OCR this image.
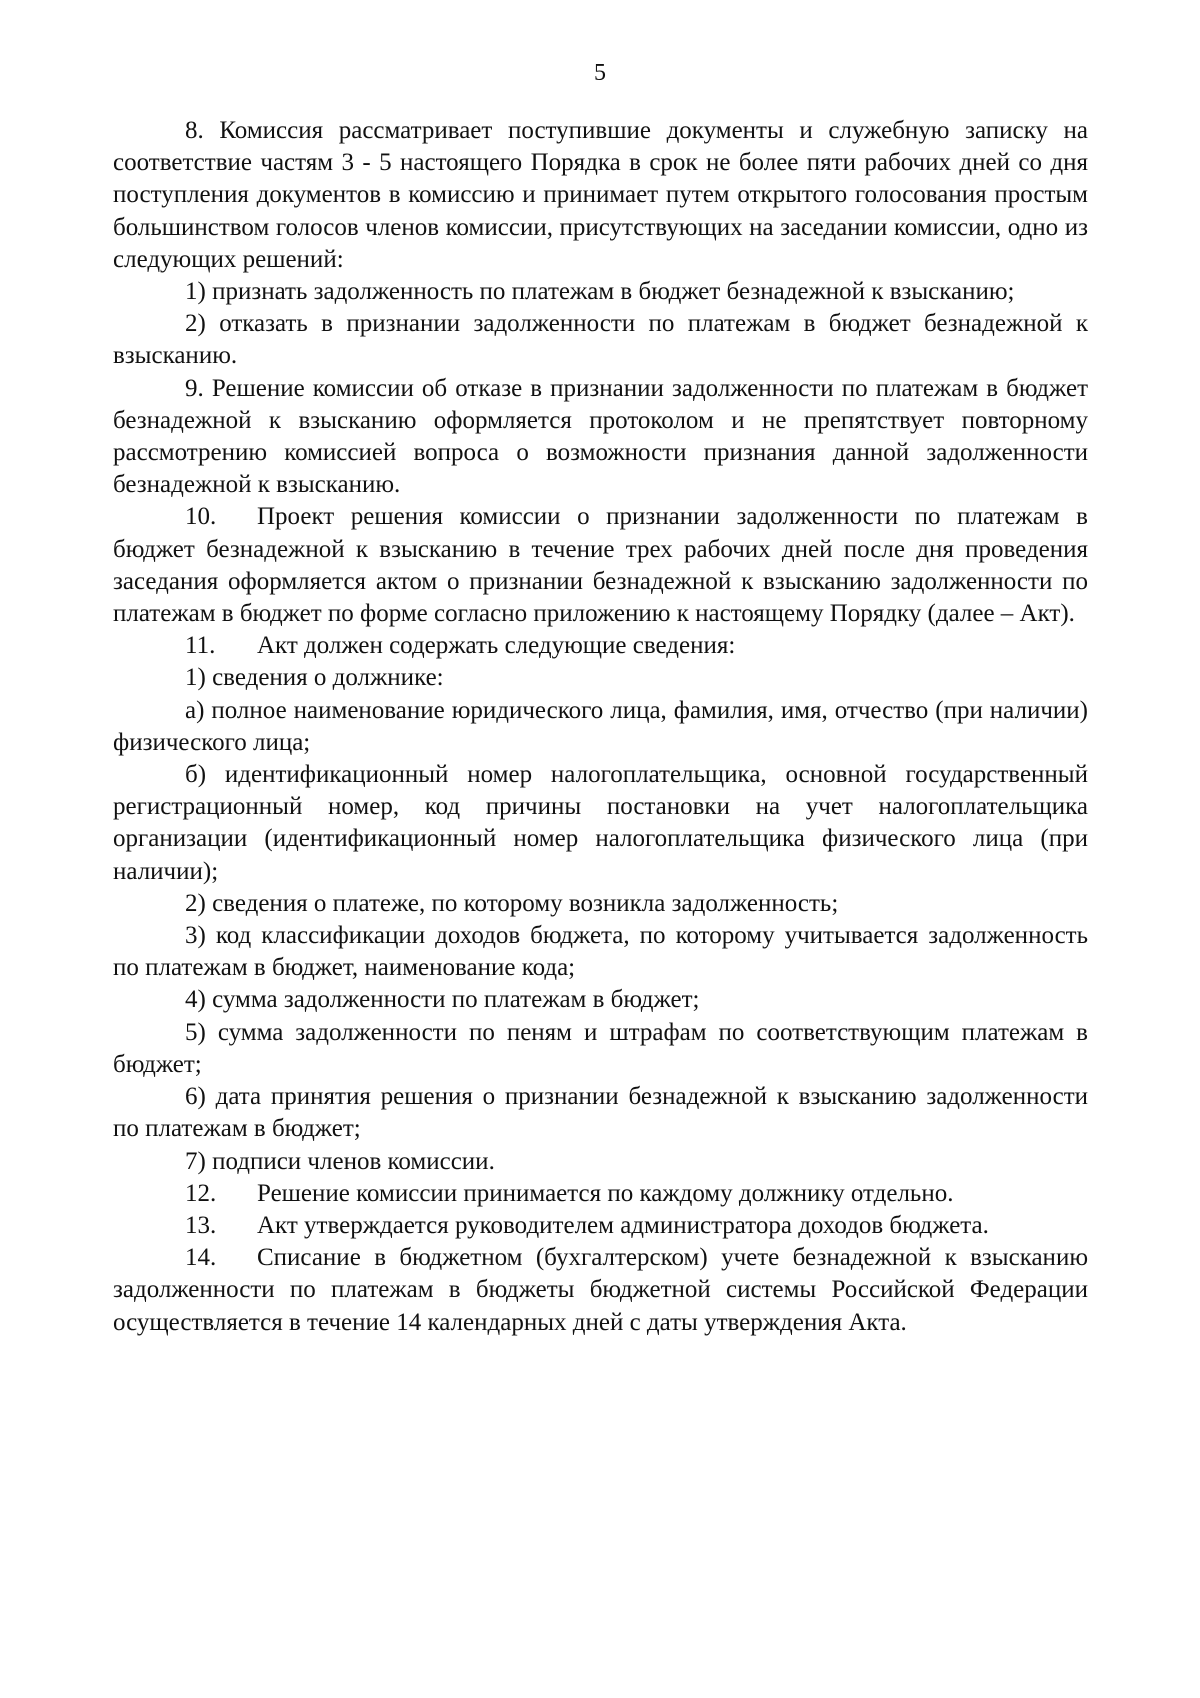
5

8. Комиссия рассматривает поступившие документы и служебную записку на соответствие частям 3 - 5 настоящего Порядка в срок не более пяти рабочих дней со дня поступления документов в комиссию и принимает путем открытого голосования простым большинством голосов членов комиссии, присутствующих на заседании комиссии, одно из следующих решений:

1) признать задолженность по платежам в бюджет безнадежной к взысканию;

2) отказать в признании задолженности по платежам в бюджет безнадежной к взысканию.

9. Решение комиссии об отказе в признании задолженности по платежам в бюджет безнадежной к взысканию оформляется протоколом и не препятствует повторному рассмотрению комиссией вопроса о возможности признания данной задолженности безнадежной к взысканию.

10. Проект решения комиссии о признании задолженности по платежам в бюджет безнадежной к взысканию в течение трех рабочих дней после дня проведения заседания оформляется актом о признании безнадежной к взысканию задолженности по платежам в бюджет по форме согласно приложению к настоящему Порядку (далее – Акт).

11. Акт должен содержать следующие сведения:

1) сведения о должнике:

а) полное наименование юридического лица, фамилия, имя, отчество (при наличии) физического лица;

б) идентификационный номер налогоплательщика, основной государственный регистрационный номер, код причины постановки на учет налогоплательщика организации (идентификационный номер налогоплательщика физического лица (при наличии);

2) сведения о платеже, по которому возникла задолженность;

3) код классификации доходов бюджета, по которому учитывается задолженность по платежам в бюджет, наименование кода;

4) сумма задолженности по платежам в бюджет;

5) сумма задолженности по пеням и штрафам по соответствующим платежам в бюджет;

6) дата принятия решения о признании безнадежной к взысканию задолженности по платежам в бюджет;

7) подписи членов комиссии.

12. Решение комиссии принимается по каждому должнику отдельно.

13. Акт утверждается руководителем администратора доходов бюджета.

14. Списание в бюджетном (бухгалтерском) учете безнадежной к взысканию задолженности по платежам в бюджеты бюджетной системы Российской Федерации осуществляется в течение 14 календарных дней с даты утверждения Акта.
